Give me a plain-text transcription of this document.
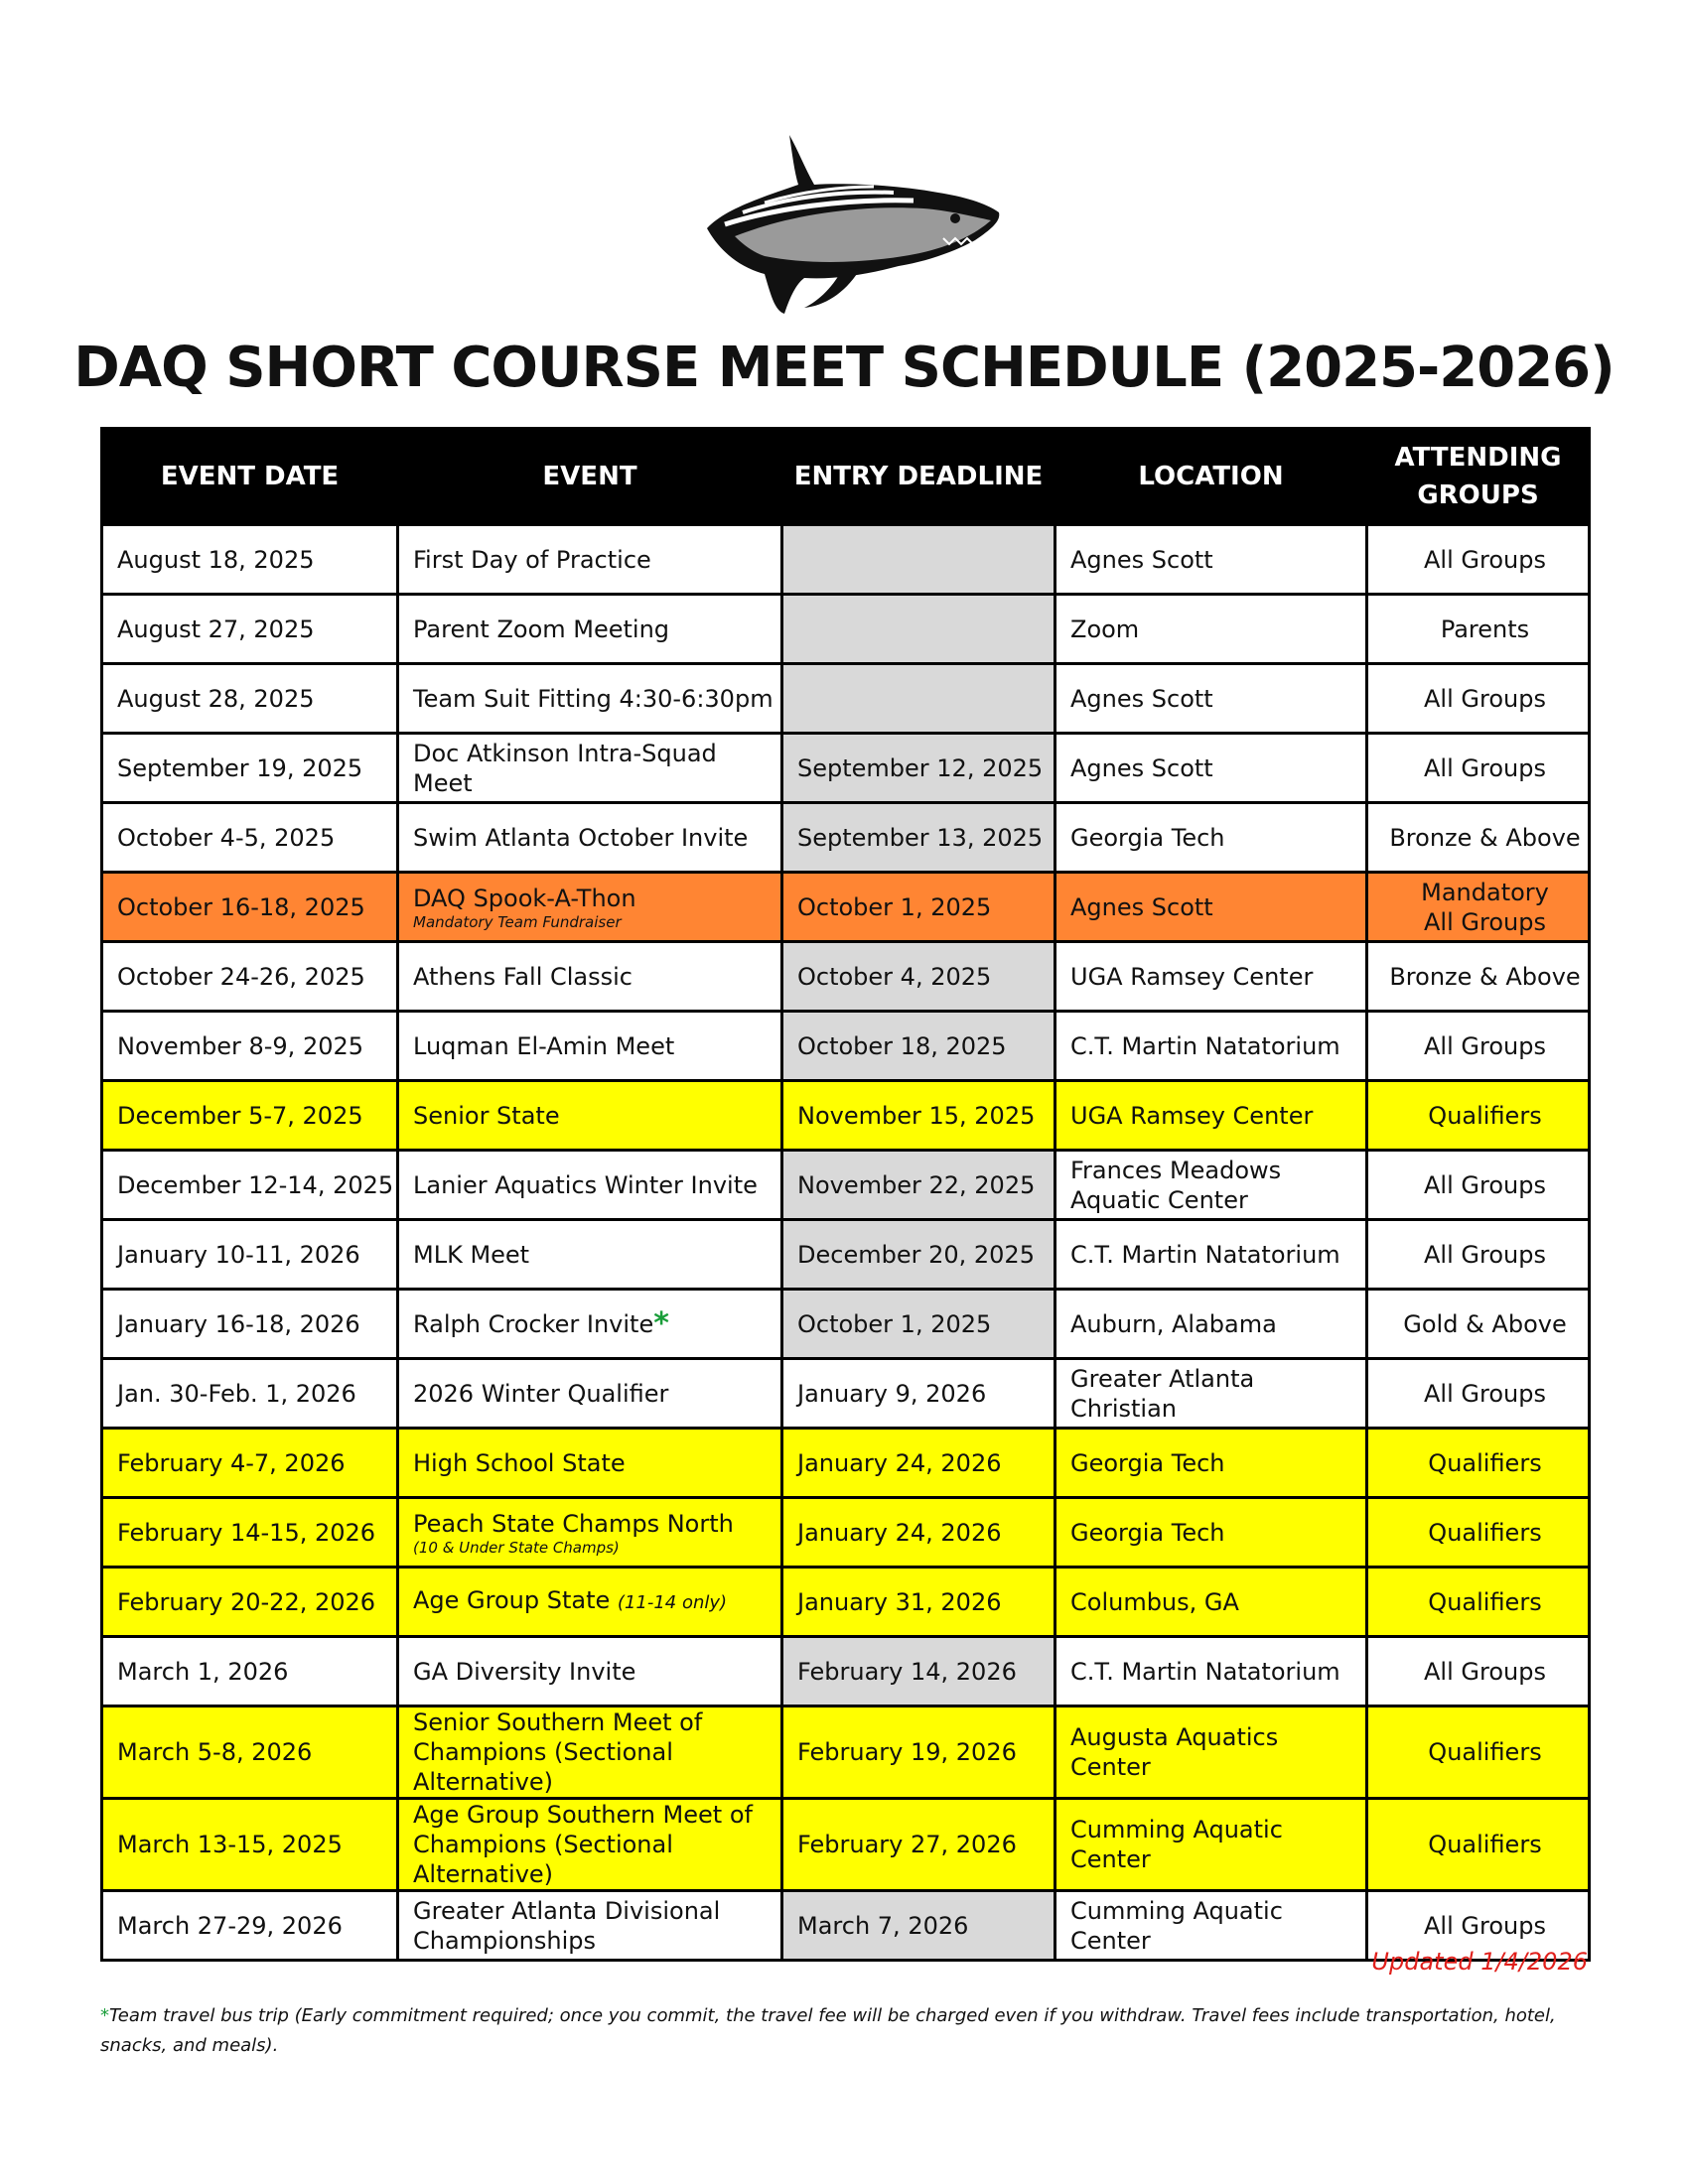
DAQ SHORT COURSE MEET SCHEDULE (2025-2026)
EVENT DATE	EVENT	ENTRY DEADLINE	LOCATION	ATTENDING
GROUPS
August 18, 2025	First Day of Practice		Agnes Scott	All Groups
August 27, 2025	Parent Zoom Meeting		Zoom	Parents
August 28, 2025	Team Suit Fitting 4:30-6:30pm		Agnes Scott	All Groups
September 19, 2025	Doc Atkinson Intra-Squad Meet	September 12, 2025	Agnes Scott	All Groups
October 4-5, 2025	Swim Atlanta October Invite	September 13, 2025	Georgia Tech	Bronze & Above
October 16-18, 2025	DAQ Spook-A-Thon
Mandatory Team Fundraiser	October 1, 2025	Agnes Scott	Mandatory
All Groups
October 24-26, 2025	Athens Fall Classic	October 4, 2025	UGA Ramsey Center	Bronze & Above
November 8-9, 2025	Luqman El-Amin Meet	October 18, 2025	C.T. Martin Natatorium	All Groups
December 5-7, 2025	Senior State	November 15, 2025	UGA Ramsey Center	Qualifiers
December 12-14, 2025	Lanier Aquatics Winter Invite	November 22, 2025	Frances Meadows
Aquatic Center	All Groups
January 10-11, 2026	MLK Meet	December 20, 2025	C.T. Martin Natatorium	All Groups
January 16-18, 2026	Ralph Crocker Invite*	October 1, 2025	Auburn, Alabama	Gold & Above
Jan. 30-Feb. 1, 2026	2026 Winter Qualifier	January 9, 2026	Greater Atlanta Christian	All Groups
February 4-7, 2026	High School State	January 24, 2026	Georgia Tech	Qualifiers
February 14-15, 2026	Peach State Champs North
(10 & Under State Champs)	January 24, 2026	Georgia Tech	Qualifiers
February 20-22, 2026	Age Group State (11-14 only)	January 31, 2026	Columbus, GA	Qualifiers
March 1, 2026	GA Diversity Invite	February 14, 2026	C.T. Martin Natatorium	All Groups
March 5-8, 2026	Senior Southern Meet of
Champions (Sectional Alternative)	February 19, 2026	Augusta Aquatics Center	Qualifiers
March 13-15, 2025	Age Group Southern Meet of
Champions (Sectional Alternative)	February 27, 2026	Cumming Aquatic Center	Qualifiers
March 27-29, 2026	Greater Atlanta Divisional
Championships	March 7, 2026	Cumming Aquatic Center	All Groups
Updated 1/4/2026
*Team travel bus trip (Early commitment required; once you commit, the travel fee will be charged even if you withdraw. Travel fees include transportation, hotel, snacks, and meals).
